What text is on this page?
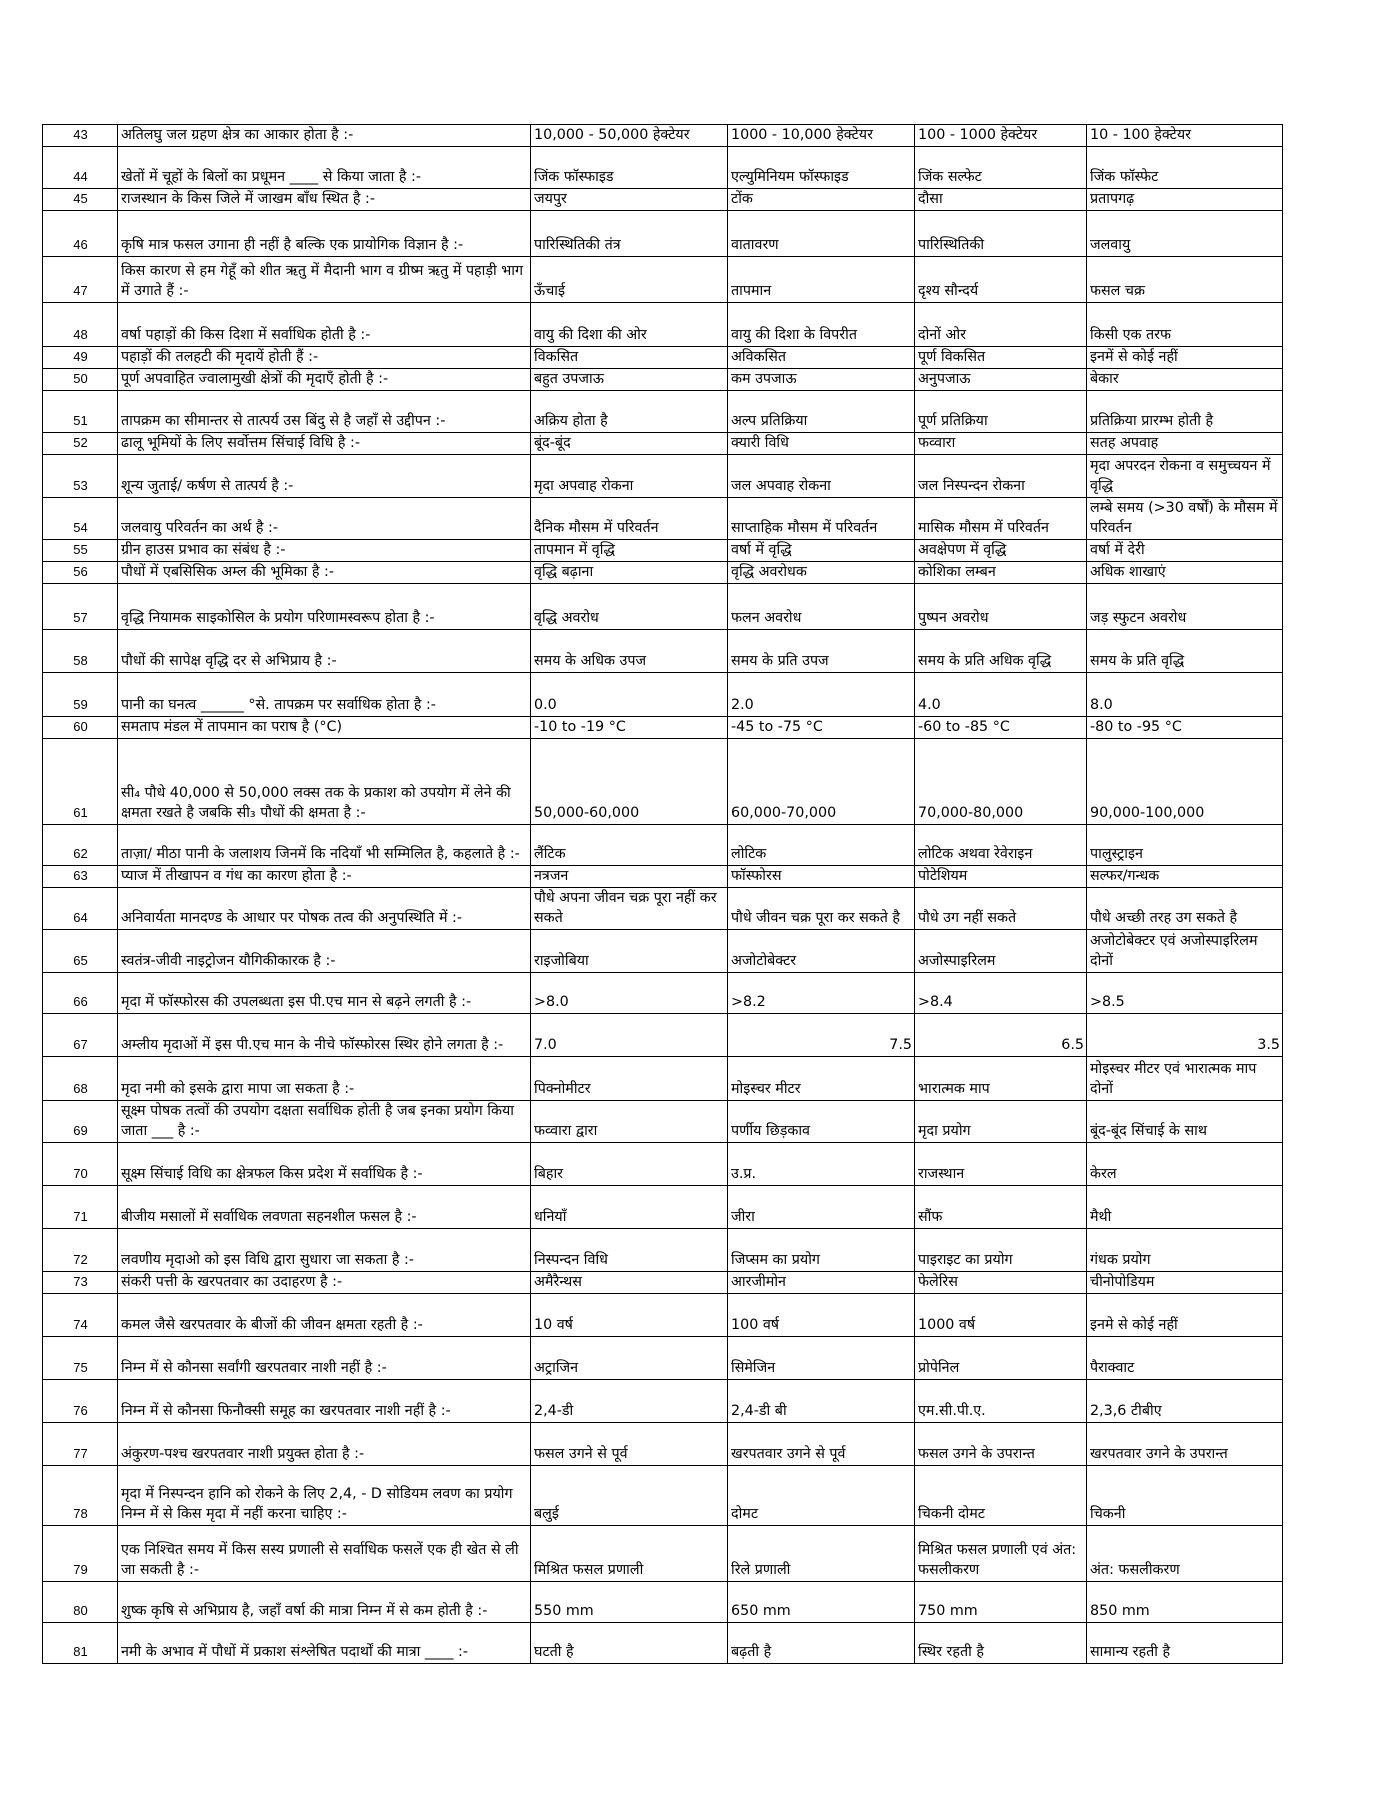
43	अतिलघु जल ग्रहण क्षेत्र का आकार होता है :-	10,000 - 50,000 हेक्टेयर	1000 - 10,000 हेक्टेयर	100 - 1000 हेक्टेयर	10 - 100 हेक्टेयर
44	खेतों में चूहों के बिलों का प्रधूमन ____ से किया जाता है :-	जिंक फॉस्फाइड	एल्युमिनियम फॉस्फाइड	जिंक सल्फेट	जिंक फॉस्फेट
45	राजस्थान के किस जिले में जाखम बाँध स्थित है :-	जयपुर	टोंक	दौसा	प्रतापगढ़
46	कृषि मात्र फसल उगाना ही नहीं है बल्कि एक प्रायोगिक विज्ञान है :-	पारिस्थितिकी तंत्र	वातावरण	पारिस्थितिकी	जलवायु
47	किस कारण से हम गेहूँ को शीत ऋतु में मैदानी भाग व ग्रीष्म ऋतु में पहाड़ी भाग में उगाते हैं :-	ऊँचाई	तापमान	दृश्य सौन्दर्य	फसल चक्र
48	वर्षा पहाड़ों की किस दिशा में सर्वाधिक होती है :-	वायु की दिशा की ओर	वायु की दिशा के विपरीत	दोनों ओर	किसी एक तरफ
49	पहाड़ों की तलहटी की मृदायें होती हैं :-	विकसित	अविकसित	पूर्ण विकसित	इनमें से कोई नहीं
50	पूर्ण अपवाहित ज्वालामुखी क्षेत्रों की मृदाएँ होती है :-	बहुत उपजाऊ	कम उपजाऊ	अनुपजाऊ	बेकार
51	तापक्रम का सीमान्तर से तात्पर्य उस बिंदु से है जहाँ से उद्दीपन :-	अक्रिय होता है	अल्प प्रतिक्रिया	पूर्ण प्रतिक्रिया	प्रतिक्रिया प्रारम्भ होती है
52	ढालू भूमियों के लिए सर्वोत्तम सिंचाई विधि है :-	बूंद-बूंद	क्यारी विधि	फव्वारा	सतह अपवाह
53	शून्य जुताई/ कर्षण से तात्पर्य है :-	मृदा अपवाह रोकना	जल अपवाह रोकना	जल निस्पन्दन रोकना	मृदा अपरदन रोकना व समुच्चयन में वृद्धि
54	जलवायु परिवर्तन का अर्थ है :-	दैनिक मौसम में परिवर्तन	साप्ताहिक मौसम में परिवर्तन	मासिक मौसम में परिवर्तन	लम्बे समय (>30 वर्षों) के मौसम में परिवर्तन
55	ग्रीन हाउस प्रभाव का संबंध है :-	तापमान में वृद्धि	वर्षा में वृद्धि	अवक्षेपण में वृद्धि	वर्षा में देरी
56	पौधों में एबसिसिक अम्ल की भूमिका है :-	वृद्धि बढ़ाना	वृद्धि अवरोधक	कोशिका लम्बन	अधिक शाखाएं
57	वृद्धि नियामक साइकोसिल के प्रयोग परिणामस्वरूप होता है :-	वृद्धि अवरोध	फलन अवरोध	पुष्पन अवरोध	जड़ स्फुटन अवरोध
58	पौधों की सापेक्ष वृद्धि दर से अभिप्राय है :-	समय के अधिक उपज	समय के प्रति उपज	समय के प्रति अधिक वृद्धि	समय के प्रति वृद्धि
59	पानी का घनत्व ______ °से. तापक्रम पर सर्वाधिक होता है :-	0.0	2.0	4.0	8.0
60	समताप मंडल में तापमान का पराष है (°C)	-10 to -19 °C	-45 to -75 °C	-60 to -85 °C	-80 to -95 °C
61	सी₄ पौधे 40,000 से 50,000 लक्स तक के प्रकाश को उपयोग में लेने की क्षमता रखते है जबकि सी₃ पौधों की क्षमता है :-	50,000-60,000	60,000-70,000	70,000-80,000	90,000-100,000
62	ताज़ा/ मीठा पानी के जलाशय जिनमें कि नदियाँ भी सम्मिलित है, कहलाते है :-	लैंटिक	लोटिक	लोटिक अथवा रेवेराइन	पालुस्ट्राइन
63	प्याज में तीखापन व गंध का कारण होता है :-	नत्रजन	फॉस्फोरस	पोटेशियम	सल्फर/गन्धक
64	अनिवार्यता मानदण्ड के आधार पर पोषक तत्व की अनुपस्थिति में :-	पौधे अपना जीवन चक्र पूरा नहीं कर सकते	पौधे जीवन चक्र पूरा कर सकते है	पौधे उग नहीं सकते	पौधे अच्छी तरह उग सकते है
65	स्वतंत्र-जीवी नाइट्रोजन यौगिकीकारक है :-	राइजोबिया	अजोटोबेक्टर	अजोस्पाइरिलम	अजोटोबेक्टर एवं अजोस्पाइरिलम दोनों
66	मृदा में फॉस्फोरस की उपलब्धता इस पी.एच मान से बढ़ने लगती है :-	>8.0	>8.2	>8.4	>8.5
67	अम्लीय मृदाओं में इस पी.एच मान के नीचे फॉस्फोरस स्थिर होने लगता है :-	7.0	7.5	6.5	3.5
68	मृदा नमी को इसके द्वारा मापा जा सकता है :-	पिक्नोमीटर	मोइस्चर मीटर	भारात्मक माप	मोइस्चर मीटर एवं भारात्मक माप दोनों
69	सूक्ष्म पोषक तत्वों की उपयोग दक्षता सर्वाधिक होती है जब इनका प्रयोग किया जाता ___ है :-	फव्वारा द्वारा	पर्णीय छिड़काव	मृदा प्रयोग	बूंद-बूंद सिंचाई के साथ
70	सूक्ष्म सिंचाई विधि का क्षेत्रफल किस प्रदेश में सर्वाधिक है :-	बिहार	उ.प्र.	राजस्थान	केरल
71	बीजीय मसालों में सर्वाधिक लवणता सहनशील फसल है :-	धनियाँ	जीरा	सौंफ	मैथी
72	लवणीय मृदाओ को इस विधि द्वारा सुधारा जा सकता है :-	निस्पन्दन विधि	जिप्सम का प्रयोग	पाइराइट का प्रयोग	गंधक प्रयोग
73	संकरी पत्ती के खरपतवार का उदाहरण है :-	अमैरैन्थस	आरजीमोन	फेलेरिस	चीनोपोडियम
74	कमल जैसे खरपतवार के बीजों की जीवन क्षमता रहती है :-	10 वर्ष	100 वर्ष	1000 वर्ष	इनमे से कोई नहीं
75	निम्न में से कौनसा सर्वांगी खरपतवार नाशी नहीं है :-	अट्राजिन	सिमेजिन	प्रोपेनिल	पैराक्वाट
76	निम्न में से कौनसा फिनौक्सी समूह का खरपतवार नाशी नहीं है :-	2,4-डी	2,4-डी बी	एम.सी.पी.ए.	2,3,6 टीबीए
77	अंकुरण-पश्च खरपतवार नाशी प्रयुक्त होता है :-	फसल उगने से पूर्व	खरपतवार उगने से पूर्व	फसल उगने के उपरान्त	खरपतवार उगने के उपरान्त
78	मृदा में निस्पन्दन हानि को रोकने के लिए 2,4, - D सोडियम लवण का प्रयोग निम्न में से किस मृदा में नहीं करना चाहिए :-	बलुई	दोमट	चिकनी दोमट	चिकनी
79	एक निश्चित समय में किस सस्य प्रणाली से सर्वाधिक फसलें एक ही खेत से ली जा सकती है :-	मिश्रित फसल प्रणाली	रिले प्रणाली	मिश्रित फसल प्रणाली एवं अंत: फसलीकरण	अंत: फसलीकरण
80	शुष्क कृषि से अभिप्राय है, जहाँ वर्षा की मात्रा निम्न में से कम होती है :-	550 mm	650 mm	750 mm	850 mm
81	नमी के अभाव में पौधों में प्रकाश संश्लेषित पदार्थों की मात्रा ____ :-	घटती है	बढ़ती है	स्थिर रहती है	सामान्य रहती है
